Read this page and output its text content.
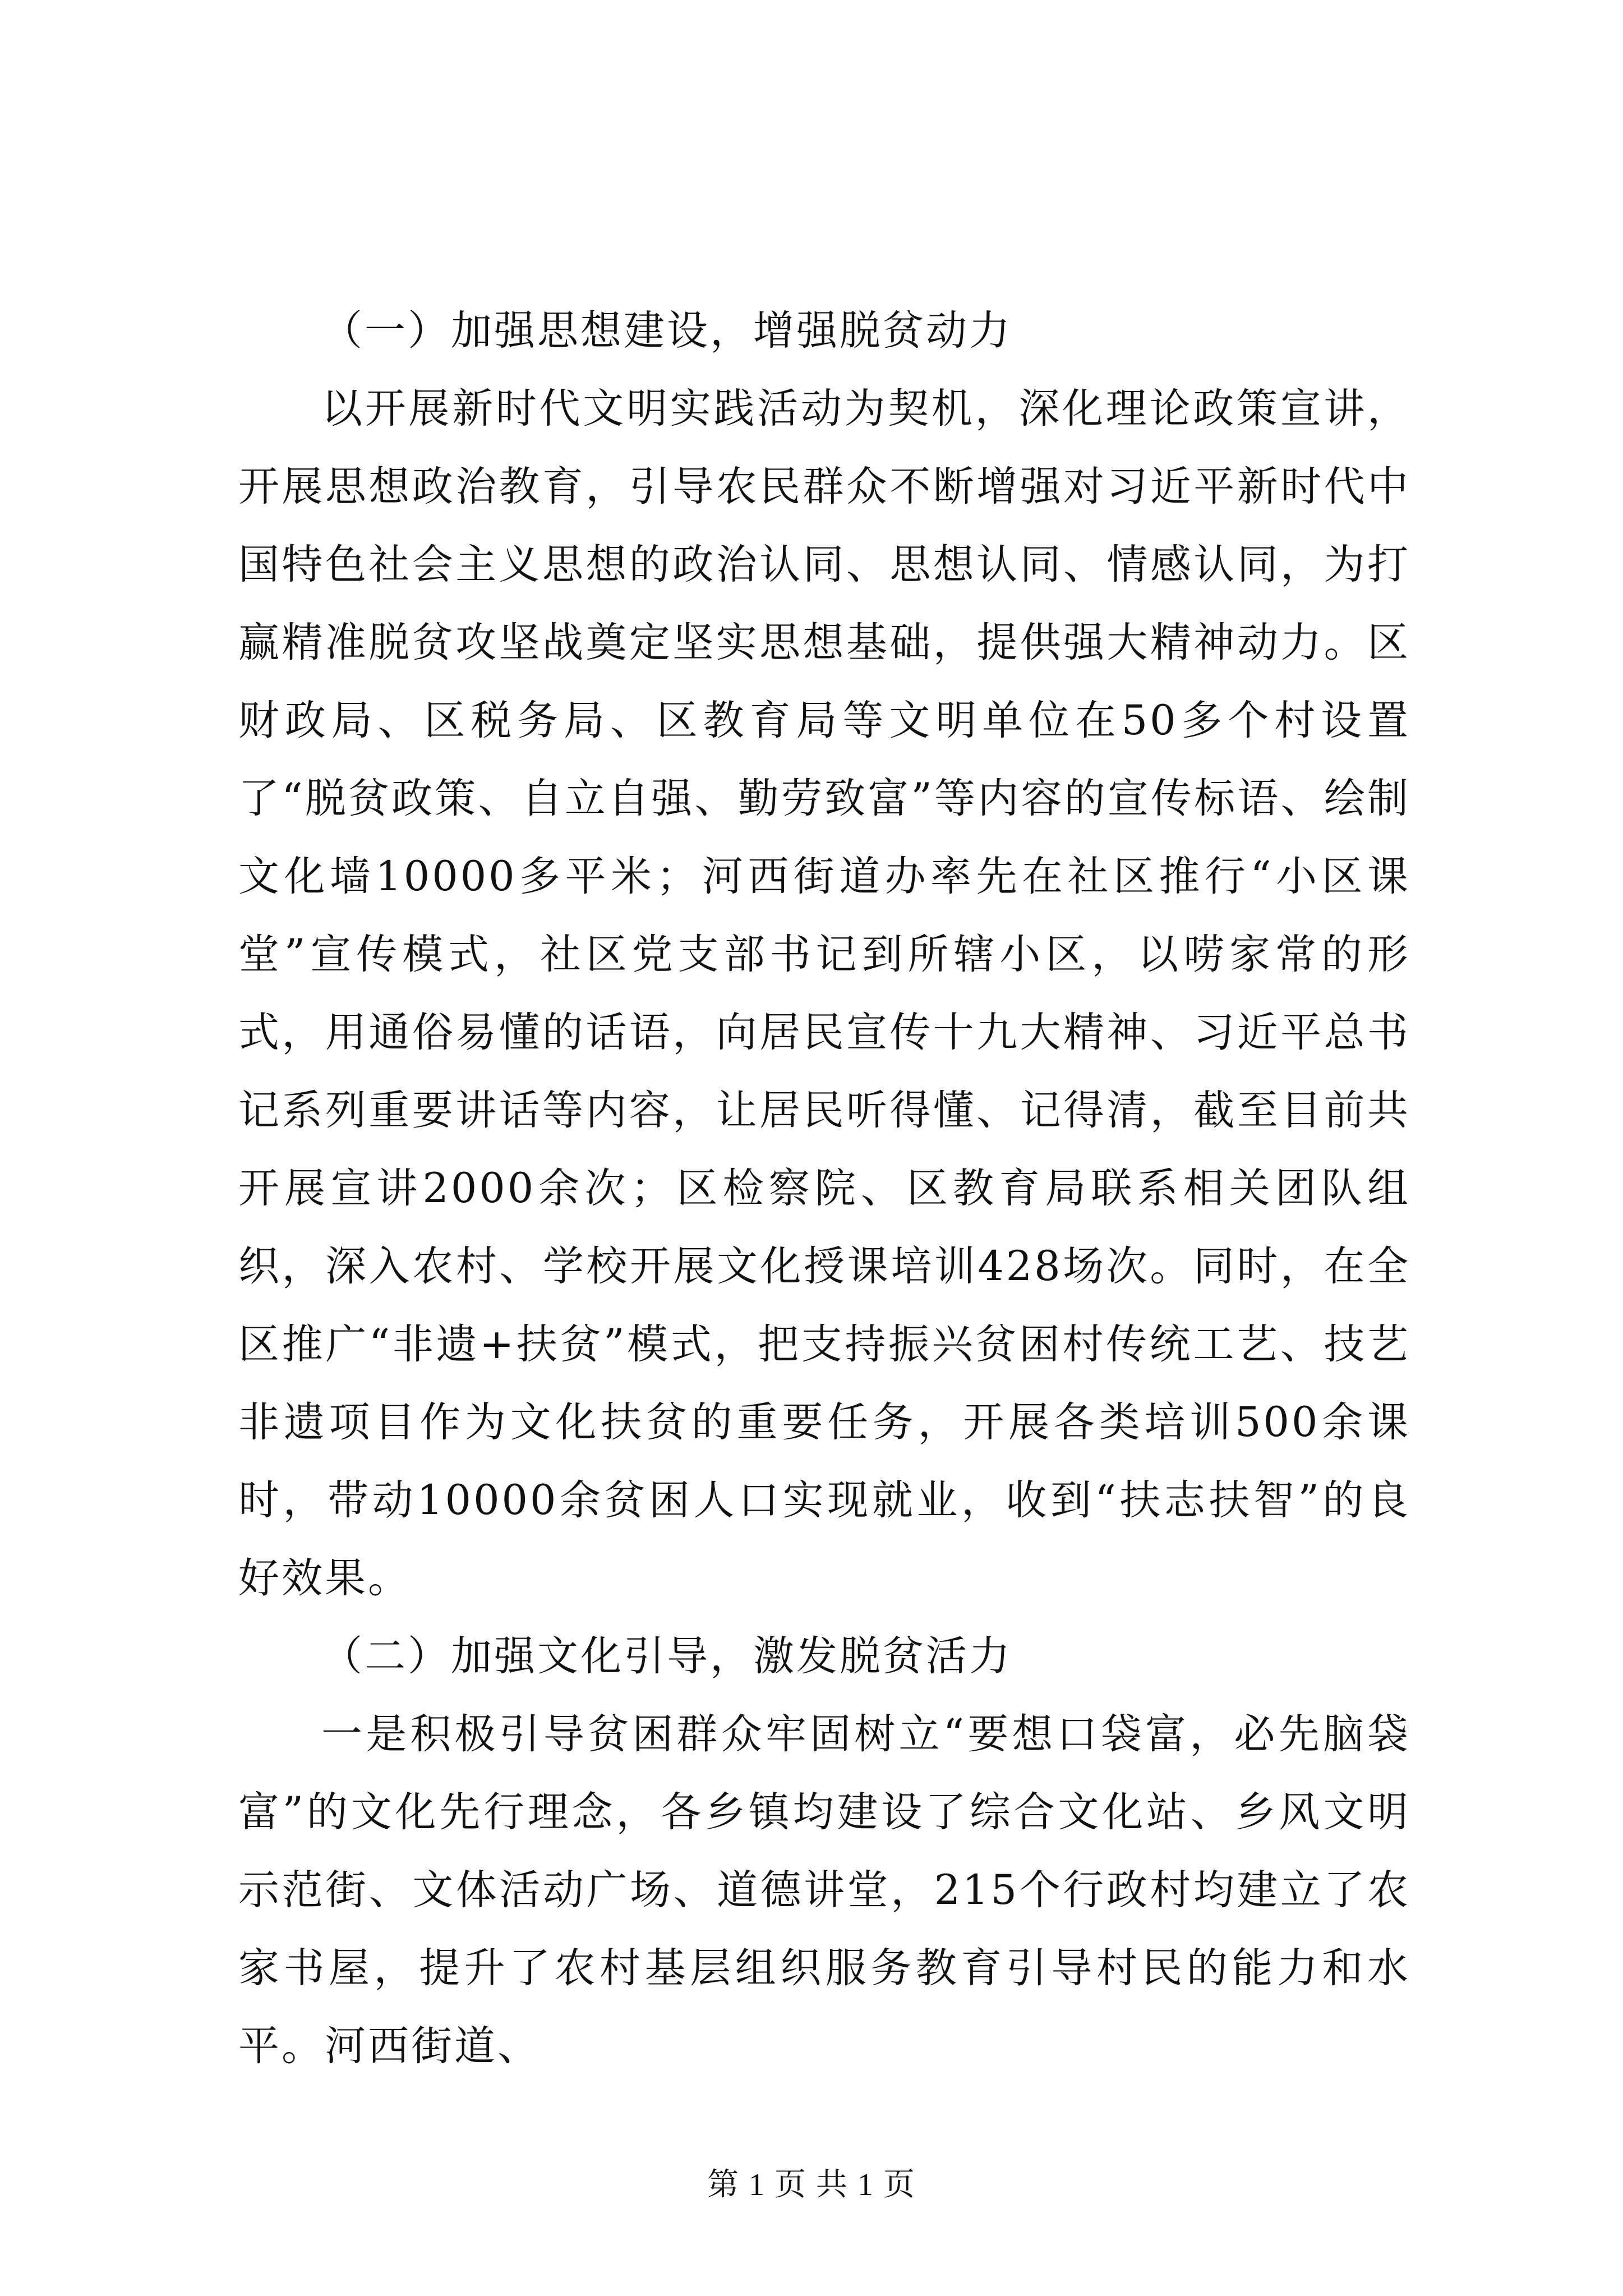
（一）加强思想建设，增强脱贫动力

以开展新时代文明实践活动为契机，深化理论政策宣讲，开展思想政治教育，引导农民群众不断增强对习近平新时代中国特色社会主义思想的政治认同、思想认同、情感认同，为打赢精准脱贫攻坚战奠定坚实思想基础，提供强大精神动力。区财政局、区税务局、区教育局等文明单位在50多个村设置了“脱贫政策、自立自强、勤劳致富”等内容的宣传标语、绘制文化墙10000多平米；河西街道办率先在社区推行“小区课堂”宣传模式，社区党支部书记到所辖小区，以唠家常的形式，用通俗易懂的话语，向居民宣传十九大精神、习近平总书记系列重要讲话等内容，让居民听得懂、记得清，截至目前共开展宣讲2000余次；区检察院、区教育局联系相关团队组织，深入农村、学校开展文化授课培训428场次。同时，在全区推广“非遗+扶贫”模式，把支持振兴贫困村传统工艺、技艺非遗项目作为文化扶贫的重要任务，开展各类培训500余课时，带动10000余贫困人口实现就业，收到“扶志扶智”的良好效果。

（二）加强文化引导，激发脱贫活力

一是积极引导贫困群众牢固树立“要想口袋富，必先脑袋富”的文化先行理念，各乡镇均建设了综合文化站、乡风文明示范街、文体活动广场、道德讲堂，215个行政村均建立了农家书屋，提升了农村基层组织服务教育引导村民的能力和水平。河西街道、

第 1 页 共 1 页
